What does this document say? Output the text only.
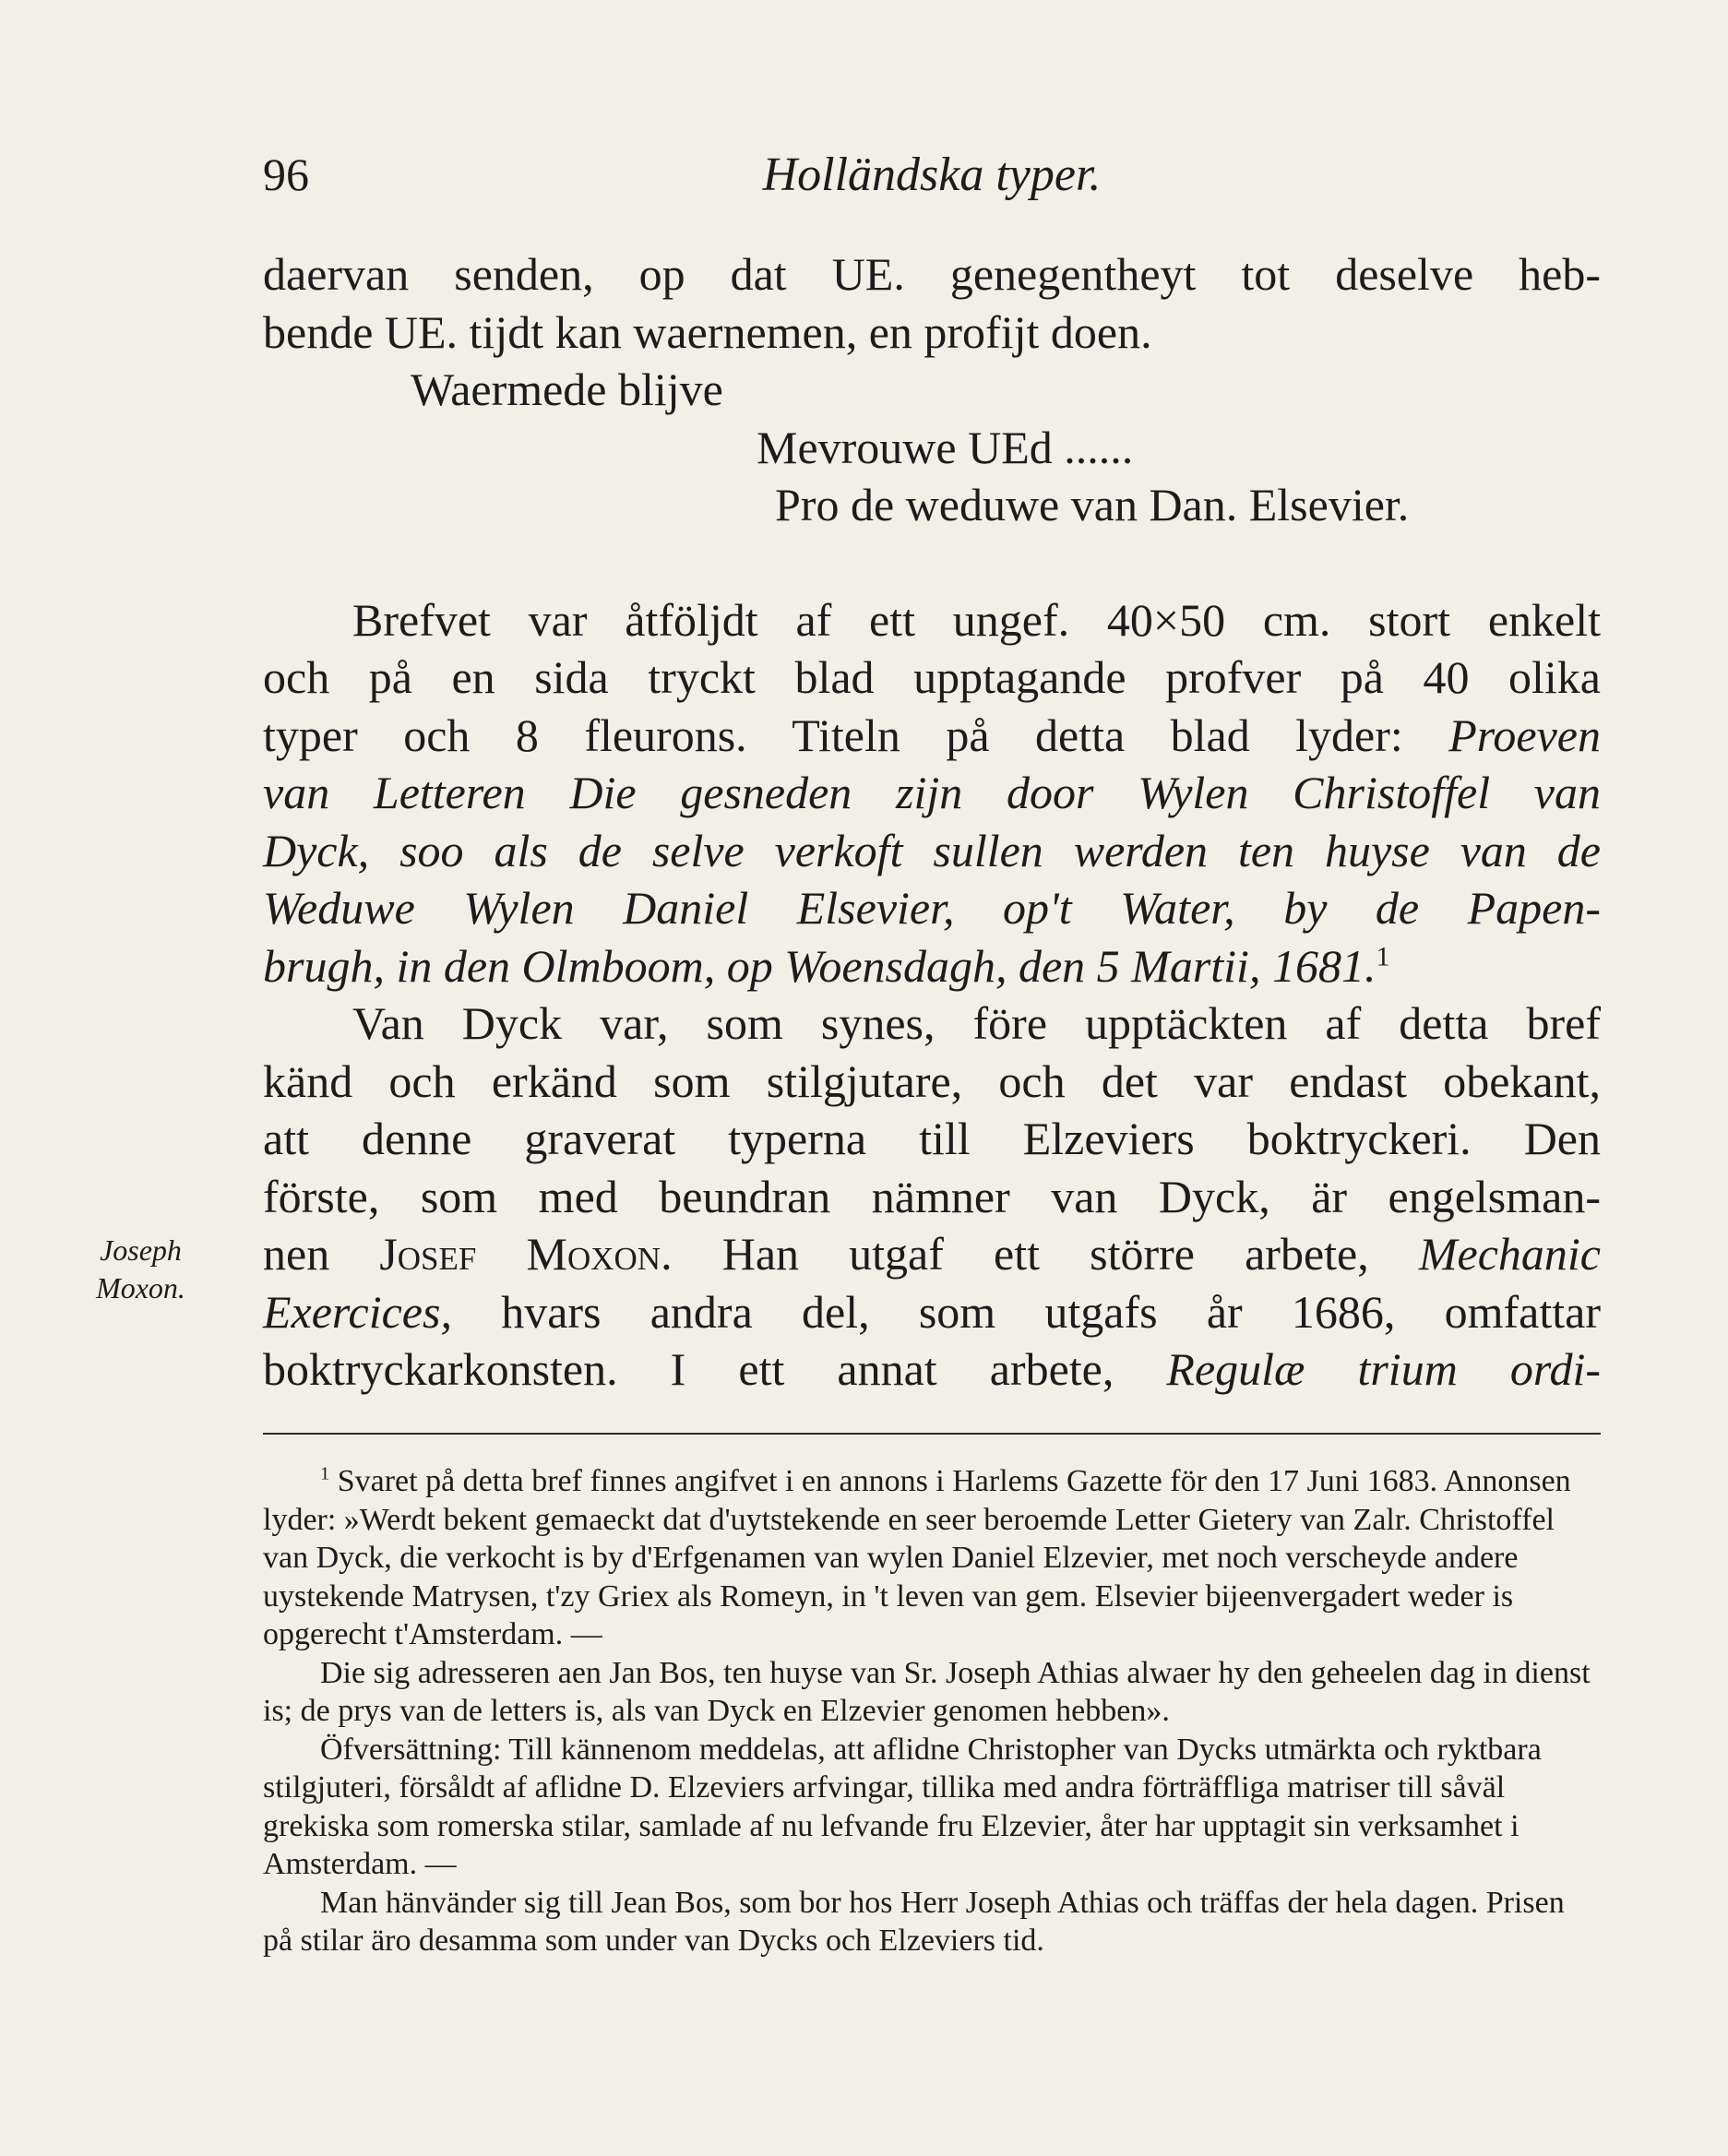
96	Holländska typer.

daervan senden, op dat UE. genegentheyt tot deselve heb-

bende UE. tijdt kan waernemen, en profijt doen.

Waermede blijve

Mevrouwe UEd ......

Pro de weduwe van Dan. Elsevier.

Brefvet var åtföljdt af ett ungef. 40×50 cm. stort enkelt

och på en sida tryckt blad upptagande profver på 40 olika

typer och 8 fleurons. Titeln på detta blad lyder: Proeven

van Letteren Die gesneden zijn door Wylen Christoffel van

Dyck, soo als de selve verkoft sullen werden ten huyse van de

Weduwe Wylen Daniel Elsevier, op't Water, by de Papen-

brugh, in den Olmboom, op Woensdagh, den 5 Martii, 1681.$^1$

Van Dyck var, som synes, före upptäckten af detta bref

känd och erkänd som stilgjutare, och det var endast obekant,

att denne graverat typerna till Elzeviers boktryckeri. Den

förste, som med beundran nämner van Dyck, är engelsman-

nen Josef Moxon. Han utgaf ett större arbete, Mechanic

Exercices, hvars andra del, som utgafs år 1686, omfattar

boktryckarkonsten. I ett annat arbete, Regulæ trium ordi-

Joseph
Moxon.

$^1$ Svaret på detta bref finnes angifvet i en annons i Harlems Gazette för den 17 Juni 1683. Annonsen lyder: »Werdt bekent gemaeckt dat d'uytstekende en seer beroemde Letter Gietery van Zalr. Christoffel van Dyck, die verkocht is by d'Erfgenamen van wylen Daniel Elzevier, met noch verscheyde andere uystekende Matrysen, t'zy Griex als Romeyn, in 't leven van gem. Elsevier bijeenvergadert weder is opgerecht t'Amsterdam. —

Die sig adresseren aen Jan Bos, ten huyse van Sr. Joseph Athias alwaer hy den geheelen dag in dienst is; de prys van de letters is, als van Dyck en Elzevier genomen hebben».

Öfversättning: Till kännenom meddelas, att aflidne Christopher van Dycks utmärkta och ryktbara stilgjuteri, försåldt af aflidne D. Elzeviers arfvingar, tillika med andra förträffliga matriser till såväl grekiska som romerska stilar, samlade af nu lefvande fru Elzevier, åter har upptagit sin verksamhet i Amsterdam. —

Man hänvänder sig till Jean Bos, som bor hos Herr Joseph Athias och träffas der hela dagen. Prisen på stilar äro desamma som under van Dycks och Elzeviers tid.
